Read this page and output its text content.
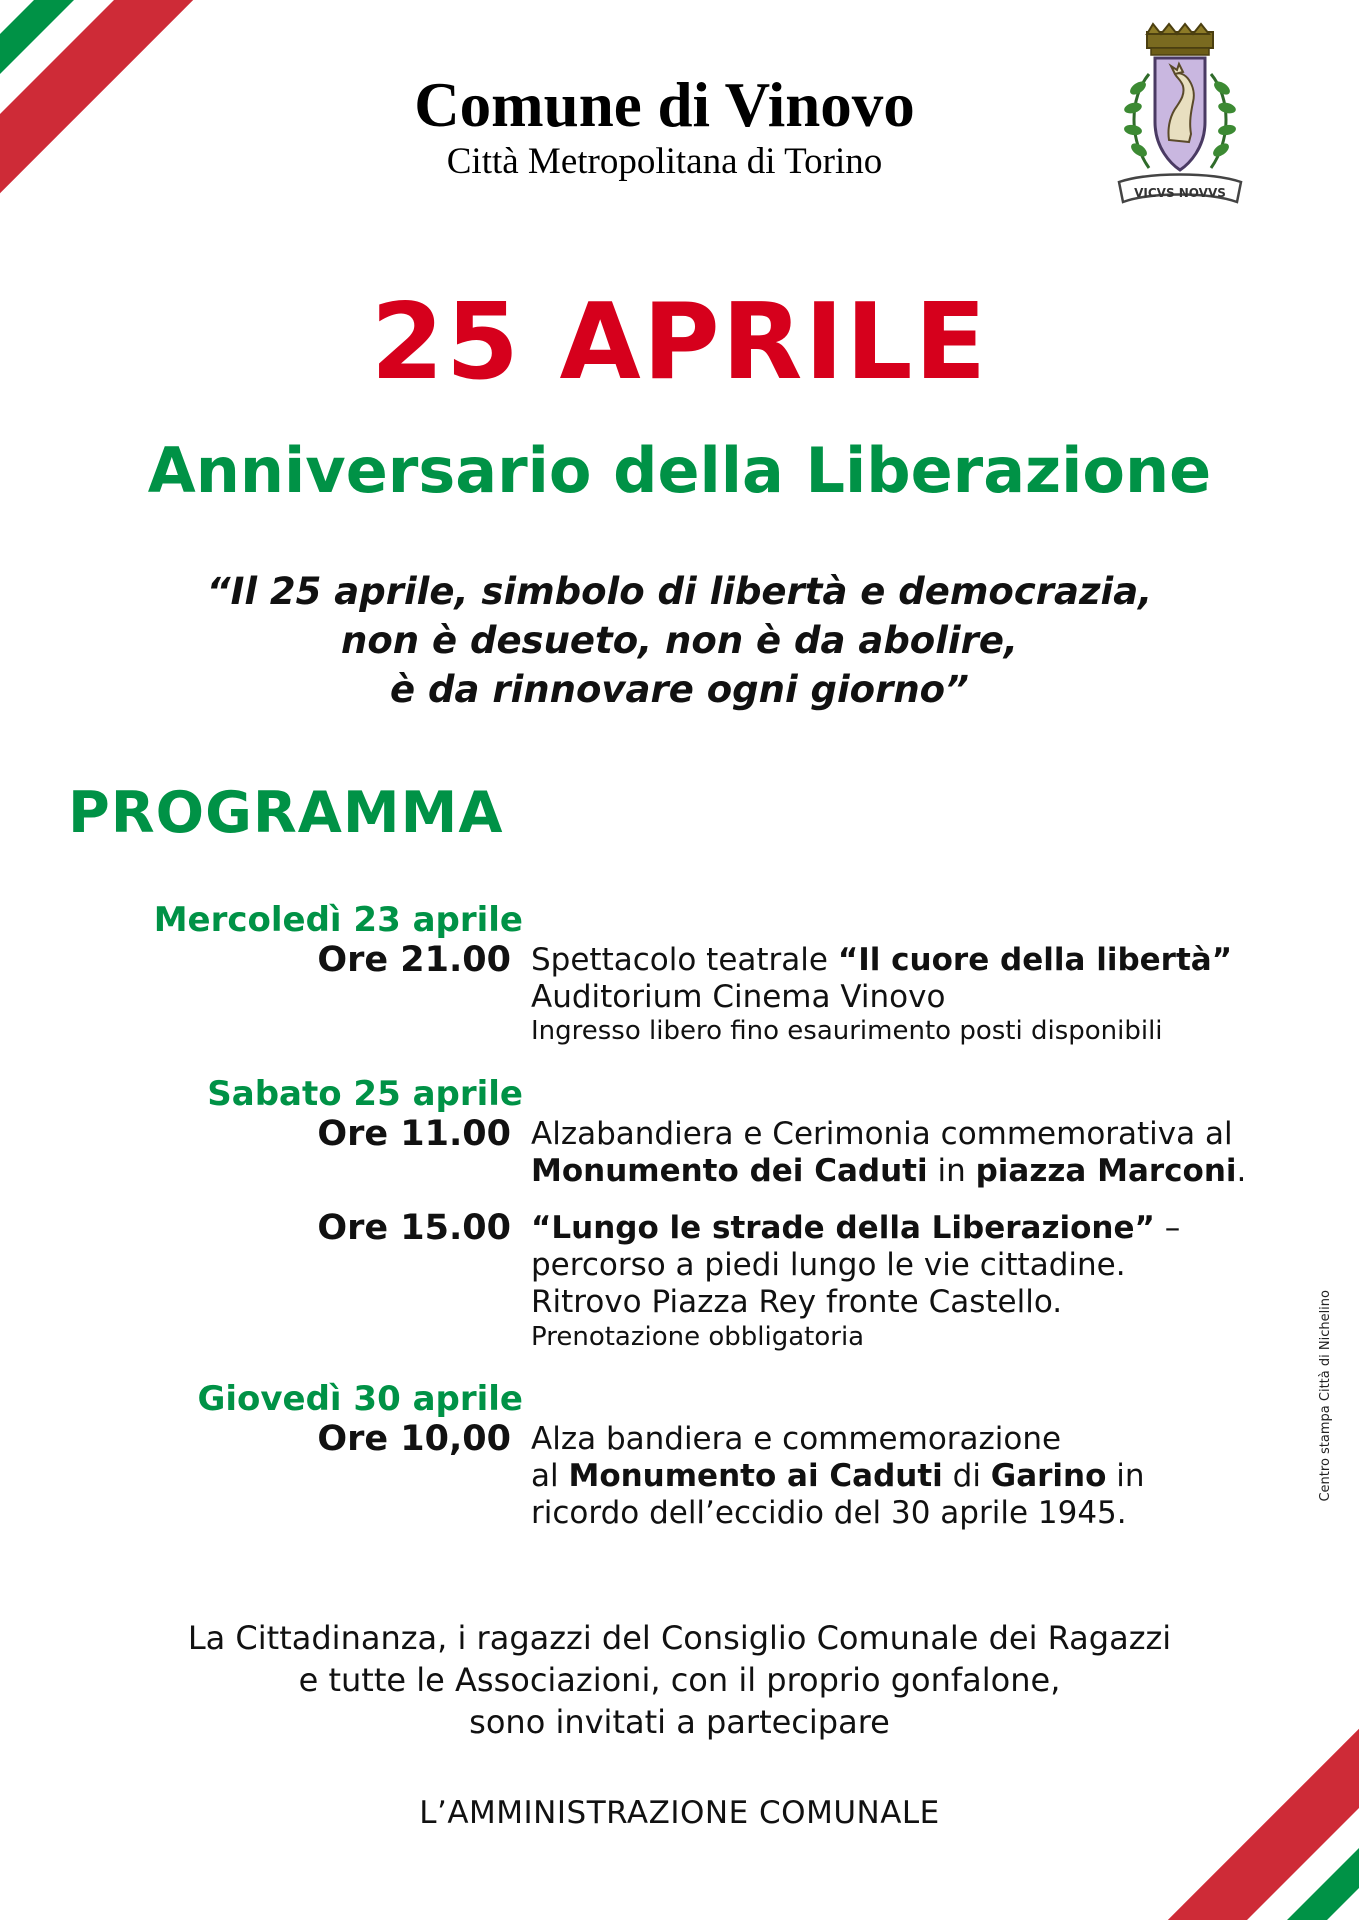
Comune di Vinovo
Città Metropolitana di Torino
VICVS NOVVS
25 APRILE
Anniversario della Liberazione
“Il 25 aprile, simbolo di libertà e democrazia,
non è desueto, non è da abolire,
è da rinnovare ogni giorno”
PROGRAMMA
Mercoledì 23 aprile
Ore 21.00 Spettacolo teatrale “Il cuore della libertà”
Auditorium Cinema Vinovo
Ingresso libero fino esaurimento posti disponibili
Sabato 25 aprile
Ore 11.00 Alzabandiera e Cerimonia commemorativa al
Monumento dei Caduti in piazza Marconi.
Ore 15.00 “Lungo le strade della Liberazione” –
percorso a piedi lungo le vie cittadine.
Ritrovo Piazza Rey fronte Castello.
Prenotazione obbligatoria
Giovedì 30 aprile
Ore 10,00 Alza bandiera e commemorazione
al Monumento ai Caduti di Garino in
ricordo dell’eccidio del 30 aprile 1945.
La Cittadinanza, i ragazzi del Consiglio Comunale dei Ragazzi
e tutte le Associazioni, con il proprio gonfalone,
sono invitati a partecipare
L’AMMINISTRAZIONE COMUNALE
Centro stampa Città di Nichelino
